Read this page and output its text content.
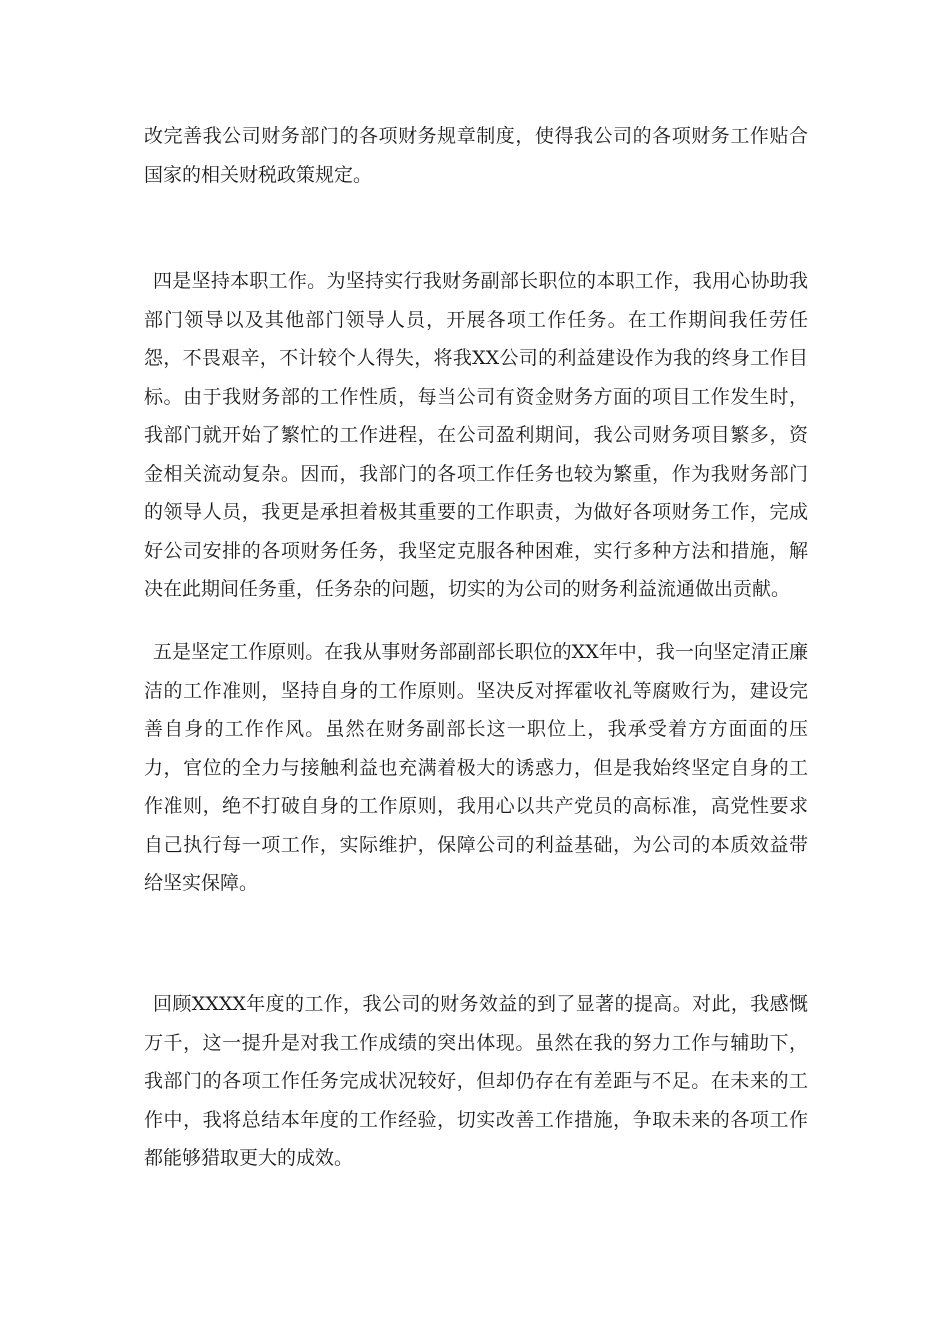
改完善我公司财务部门的各项财务规章制度，使得我公司的各项财务工作贴合国家的相关财税政策规定。

四是坚持本职工作。为坚持实行我财务副部长职位的本职工作，我用心协助我部门领导以及其他部门领导人员，开展各项工作任务。在工作期间我任劳任怨，不畏艰辛，不计较个人得失，将我XX公司的利益建设作为我的终身工作目标。由于我财务部的工作性质，每当公司有资金财务方面的项目工作发生时，我部门就开始了繁忙的工作进程，在公司盈利期间，我公司财务项目繁多，资金相关流动复杂。因而，我部门的各项工作任务也较为繁重，作为我财务部门的领导人员，我更是承担着极其重要的工作职责，为做好各项财务工作，完成好公司安排的各项财务任务，我坚定克服各种困难，实行多种方法和措施，解决在此期间任务重，任务杂的问题，切实的为公司的财务利益流通做出贡献。

五是坚定工作原则。在我从事财务部副部长职位的XX年中，我一向坚定清正廉洁的工作准则，坚持自身的工作原则。坚决反对挥霍收礼等腐败行为，建设完善自身的工作作风。虽然在财务副部长这一职位上，我承受着方方面面的压力，官位的全力与接触利益也充满着极大的诱惑力，但是我始终坚定自身的工作准则，绝不打破自身的工作原则，我用心以共产党员的高标准，高党性要求自己执行每一项工作，实际维护，保障公司的利益基础，为公司的本质效益带给坚实保障。

回顾XXXX年度的工作，我公司的财务效益的到了显著的提高。对此，我感慨万千，这一提升是对我工作成绩的突出体现。虽然在我的努力工作与辅助下，我部门的各项工作任务完成状况较好，但却仍存在有差距与不足。在未来的工作中，我将总结本年度的工作经验，切实改善工作措施，争取未来的各项工作都能够猎取更大的成效。
